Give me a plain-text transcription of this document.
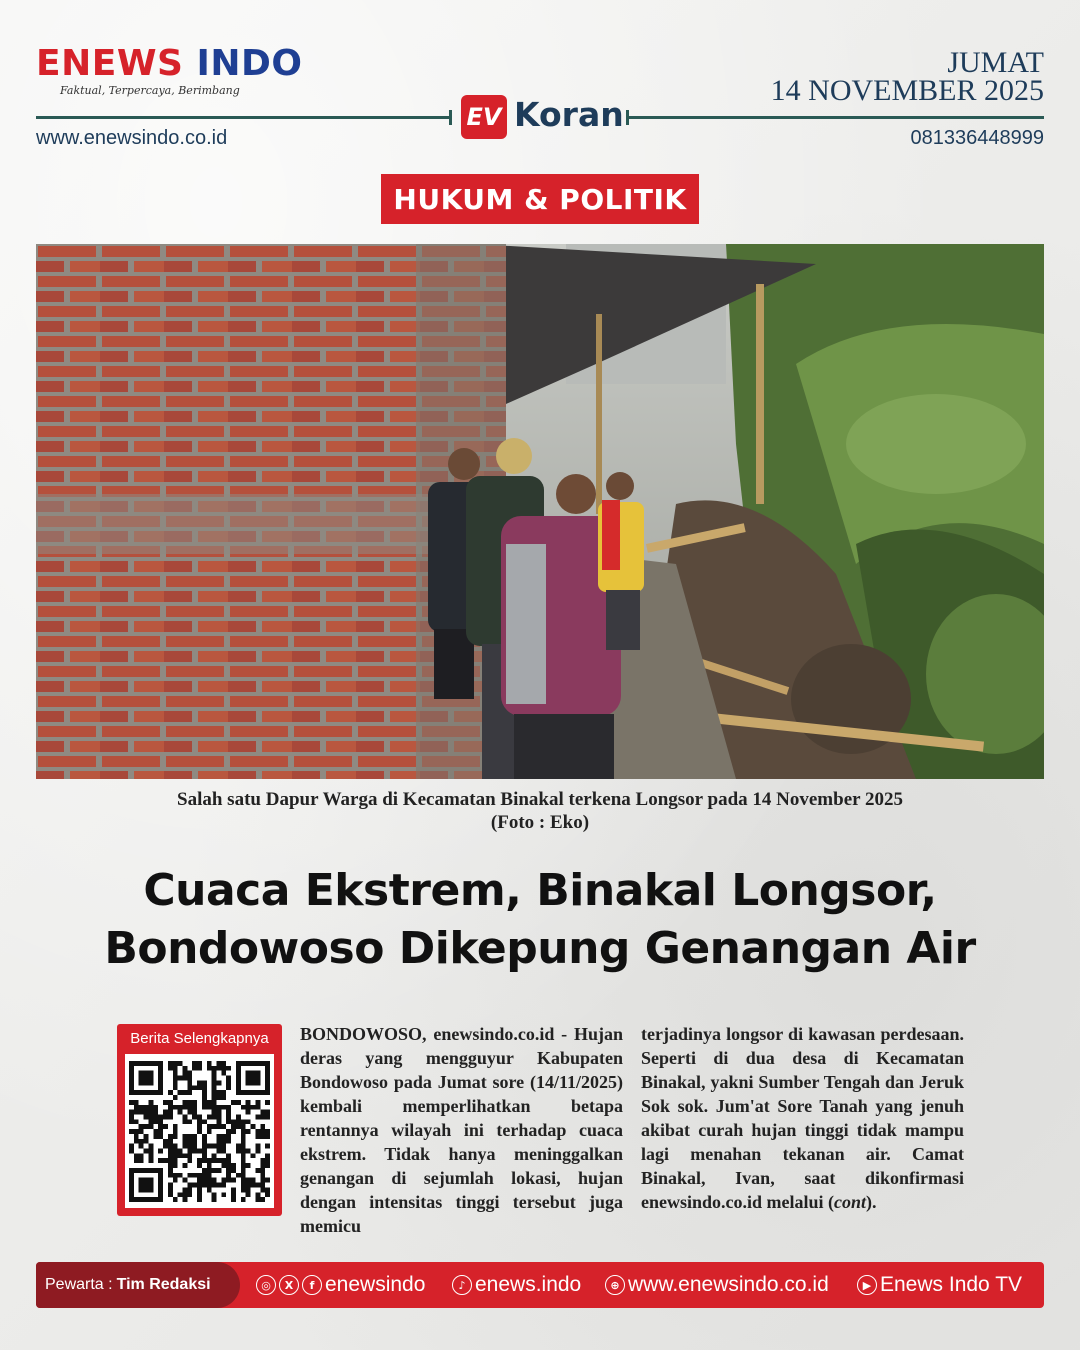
ENEWS INDO
Faktual, Terpercaya, Berimbang
JUMAT
14 NOVEMBER 2025
EV Koran
www.enewsindo.co.id	081336448999
HUKUM & POLITIK
Salah satu Dapur Warga di Kecamatan Binakal terkena Longsor pada 14 November 2025
(Foto : Eko)
Cuaca Ekstrem, Binakal Longsor,
Bondowoso Dikepung Genangan Air
Berita Selengkapnya	BONDOWOSO, enewsindo.co.id - Hujan deras yang mengguyur Kabupaten Bondowoso pada Jumat sore (14/11/2025) kembali memperlihatkan betapa rentannya wilayah ini terhadap cuaca ekstrem. Tidak hanya meninggalkan genangan di sejumlah lokasi, hujan dengan intensitas tinggi tersebut juga memicu
terjadinya longsor di kawasan perdesaan. Seperti di dua desa di Kecamatan Binakal, yakni Sumber Tengah dan Jeruk Sok sok. Jum'at Sore Tanah yang jenuh akibat curah hujan tinggi tidak mampu lagi menahan tekanan air. Camat Binakal, Ivan, saat dikonfirmasi enewsindo.co.id melalui (cont).
Pewarta : Tim Redaksi	◎	X	f enewsindo	♪ enews.indo	⊕ www.enewsindo.co.id	▶ Enews Indo TV
